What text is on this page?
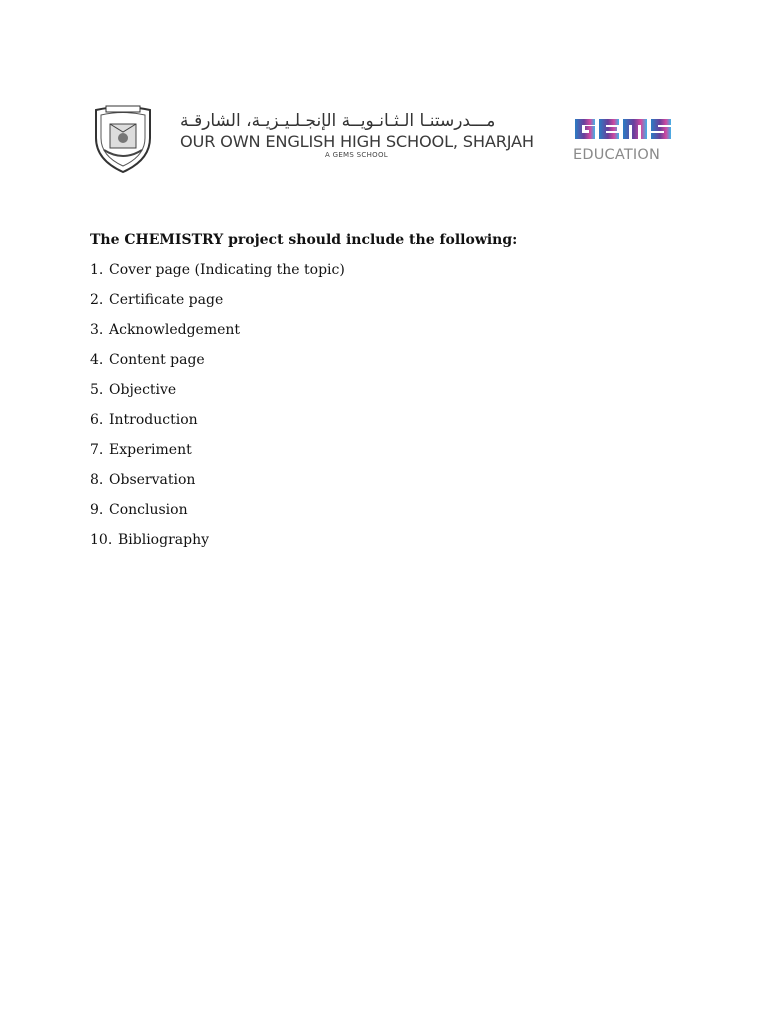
مـــدرستنـا الـثـانـويــة الإنجـلـيـزيـة، الشارقـة
OUR OWN ENGLISH HIGH SCHOOL, SHARJAH
A GEMS SCHOOL	EDUCATION
The CHEMISTRY project should include the following:
1. Cover page (Indicating the topic)
2. Certificate page
3. Acknowledgement
4. Content page
5. Objective
6. Introduction
7. Experiment
8. Observation
9. Conclusion
10. Bibliography
